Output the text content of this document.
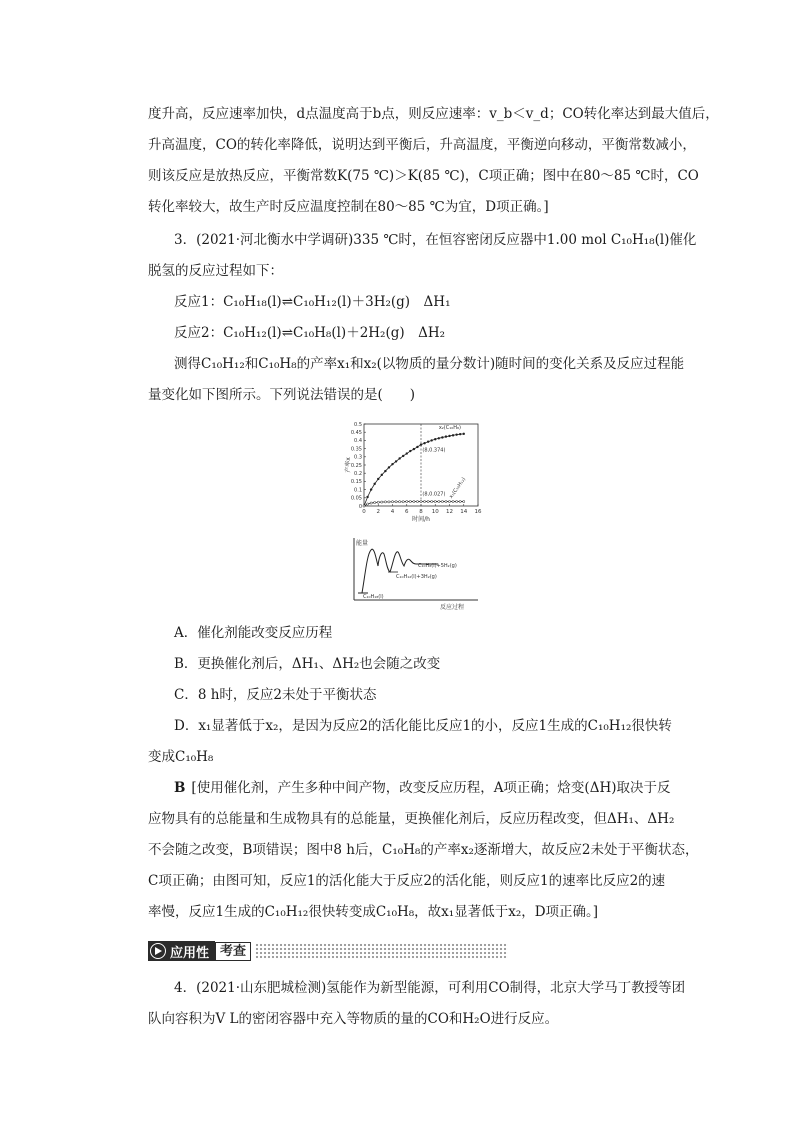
度升高，反应速率加快，d点温度高于b点，则反应速率：v_b＜v_d；CO转化率达到最大值后，
升高温度，CO的转化率降低，说明达到平衡后，升高温度，平衡逆向移动，平衡常数减小，
则该反应是放热反应，平衡常数K(75 ℃)＞K(85 ℃)，C项正确；图中在80～85 ℃时，CO
转化率较大，故生产时反应温度控制在80～85 ℃为宜，D项正确。]
3．(2021·河北衡水中学调研)335 ℃时，在恒容密闭反应器中1.00 mol C₁₀H₁₈(l)催化
脱氢的反应过程如下：
反应1：C₁₀H₁₈(l)⇌C₁₀H₁₂(l)＋3H₂(g)　ΔH₁
反应2：C₁₀H₁₂(l)⇌C₁₀H₈(l)＋2H₂(g)　ΔH₂
测得C₁₀H₁₂和C₁₀H₈的产率x₁和x₂(以物质的量分数计)随时间的变化关系及反应过程能
量变化如下图所示。下列说法错误的是(　　)
0 2 4 6 8 10 12 14 16
0
0.05
0.1
0.15
0.2
0.25
0.3
0.35
0.4
0.45
0.5
时间/h
产率x
x₂(C₁₀H₈)
(8,0.374)
(8,0.027) x₁(C₁₀H₁₂)
能量
反应过程
C₁₀H₁₈(l)
C₁₀H₁₂(l)+3H₂(g)
C₁₀H₈(l)+5H₂(g)
A．催化剂能改变反应历程
B．更换催化剂后，ΔH₁、ΔH₂也会随之改变
C．8 h时，反应2未处于平衡状态
D．x₁显著低于x₂，是因为反应2的活化能比反应1的小，反应1生成的C₁₀H₁₂很快转
变成C₁₀H₈
B [使用催化剂，产生多种中间产物，改变反应历程，A项正确；焓变(ΔH)取决于反
应物具有的总能量和生成物具有的总能量，更换催化剂后，反应历程改变，但ΔH₁、ΔH₂
不会随之改变，B项错误；图中8 h后，C₁₀H₈的产率x₂逐渐增大，故反应2未处于平衡状态，
C项正确；由图可知，反应1的活化能大于反应2的活化能，则反应1的速率比反应2的速
率慢，反应1生成的C₁₀H₁₂很快转变成C₁₀H₈，故x₁显著低于x₂，D项正确。]
应用性 考查
4．(2021·山东肥城检测)氢能作为新型能源，可利用CO制得，北京大学马丁教授等团
队向容积为V L的密闭容器中充入等物质的量的CO和H₂O进行反应。
